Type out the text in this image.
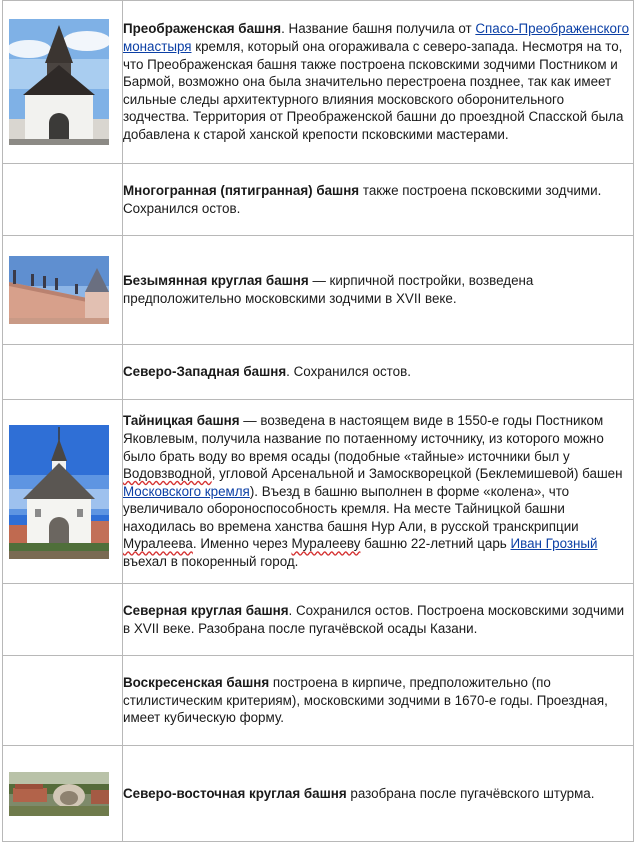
	Преображенская башня. Название башня получила от Спасо-Преображенского монастыря кремля, который она огораживала с северо-запада. Несмотря на то, что Преображенская башня также построена псковскими зодчими Постником и Бармой, возможно она была значительно перестроена позднее, так как имеет сильные следы архитектурного влияния московского оборонительного зодчества. Территория от Преображенской башни до проездной Спасской была добавлена к старой ханской крепости псковскими мастерами.
	Многогранная (пятигранная) башня также построена псковскими зодчими. Сохранился остов.

	Безымянная круглая башня — кирпичной постройки, возведена предположительно московскими зодчими в XVII веке.
	Северо-Западная башня. Сохранился остов.

	Тайницкая башня — возведена в настоящем виде в 1550-е годы Постником Яковлевым, получила название по потаенному источнику, из которого можно было брать воду во время осады (подобные «тайные» источники был у Водовзводной, угловой Арсенальной и Замоскворецкой (Беклемишевой) башен Московского кремля). Въезд в башню выполнен в форме «колена», что увеличивало обороноспособность кремля. На месте Тайницкой башни находилась во времена ханства башня Нур Али, в русской транскрипции Муралеева. Именно через Муралееву башню 22-летний царь Иван Грозный въехал в покоренный город.
	Северная круглая башня. Сохранился остов. Построена московскими зодчими в XVII веке. Разобрана после пугачёвской осады Казани.
	Воскресенская башня построена в кирпиче, предположительно (по стилистическим критериям), московскими зодчими в 1670-е годы. Проездная, имеет кубическую форму.

	Северо-восточная круглая башня разобрана после пугачёвского штурма.
